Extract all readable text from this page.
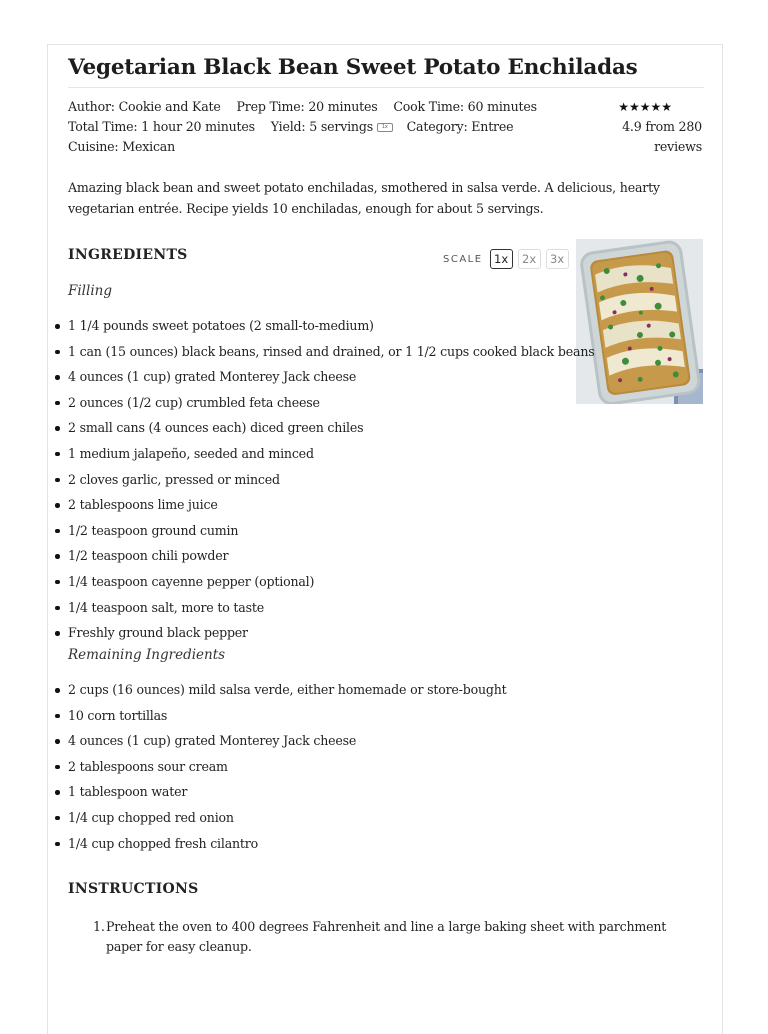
Vegetarian Black Bean Sweet Potato Enchiladas
Author: Cookie and Kate Prep Time: 20 minutes Cook Time: 60 minutes
Total Time: 1 hour 20 minutes Yield: 5 servings 1x Category: Entree
Cuisine: Mexican
★★★★★
4.9 from 280 reviews

Amazing black bean and sweet potato enchiladas, smothered in salsa verde. A delicious, hearty vegetarian entrée. Recipe yields 10 enchiladas, enough for about 5 servings.

INGREDIENTS	SCALE 1x	2x	3x
Filling
1 1/4 pounds sweet potatoes (2 small-to-medium)
1 can (15 ounces) black beans, rinsed and drained, or 1 1/2 cups cooked black beans
4 ounces (1 cup) grated Monterey Jack cheese
2 ounces (1/2 cup) crumbled feta cheese
2 small cans (4 ounces each) diced green chiles
1 medium jalapeño, seeded and minced
2 cloves garlic, pressed or minced
2 tablespoons lime juice
1/2 teaspoon ground cumin
1/2 teaspoon chili powder
1/4 teaspoon cayenne pepper (optional)
1/4 teaspoon salt, more to taste
Freshly ground black pepper
Remaining Ingredients
2 cups (16 ounces) mild salsa verde, either homemade or store-bought
10 corn tortillas
4 ounces (1 cup) grated Monterey Jack cheese
2 tablespoons sour cream
1 tablespoon water
1/4 cup chopped red onion
1/4 cup chopped fresh cilantro
INSTRUCTIONS
1. Preheat the oven to 400 degrees Fahrenheit and line a large baking sheet with parchment paper for easy cleanup.
